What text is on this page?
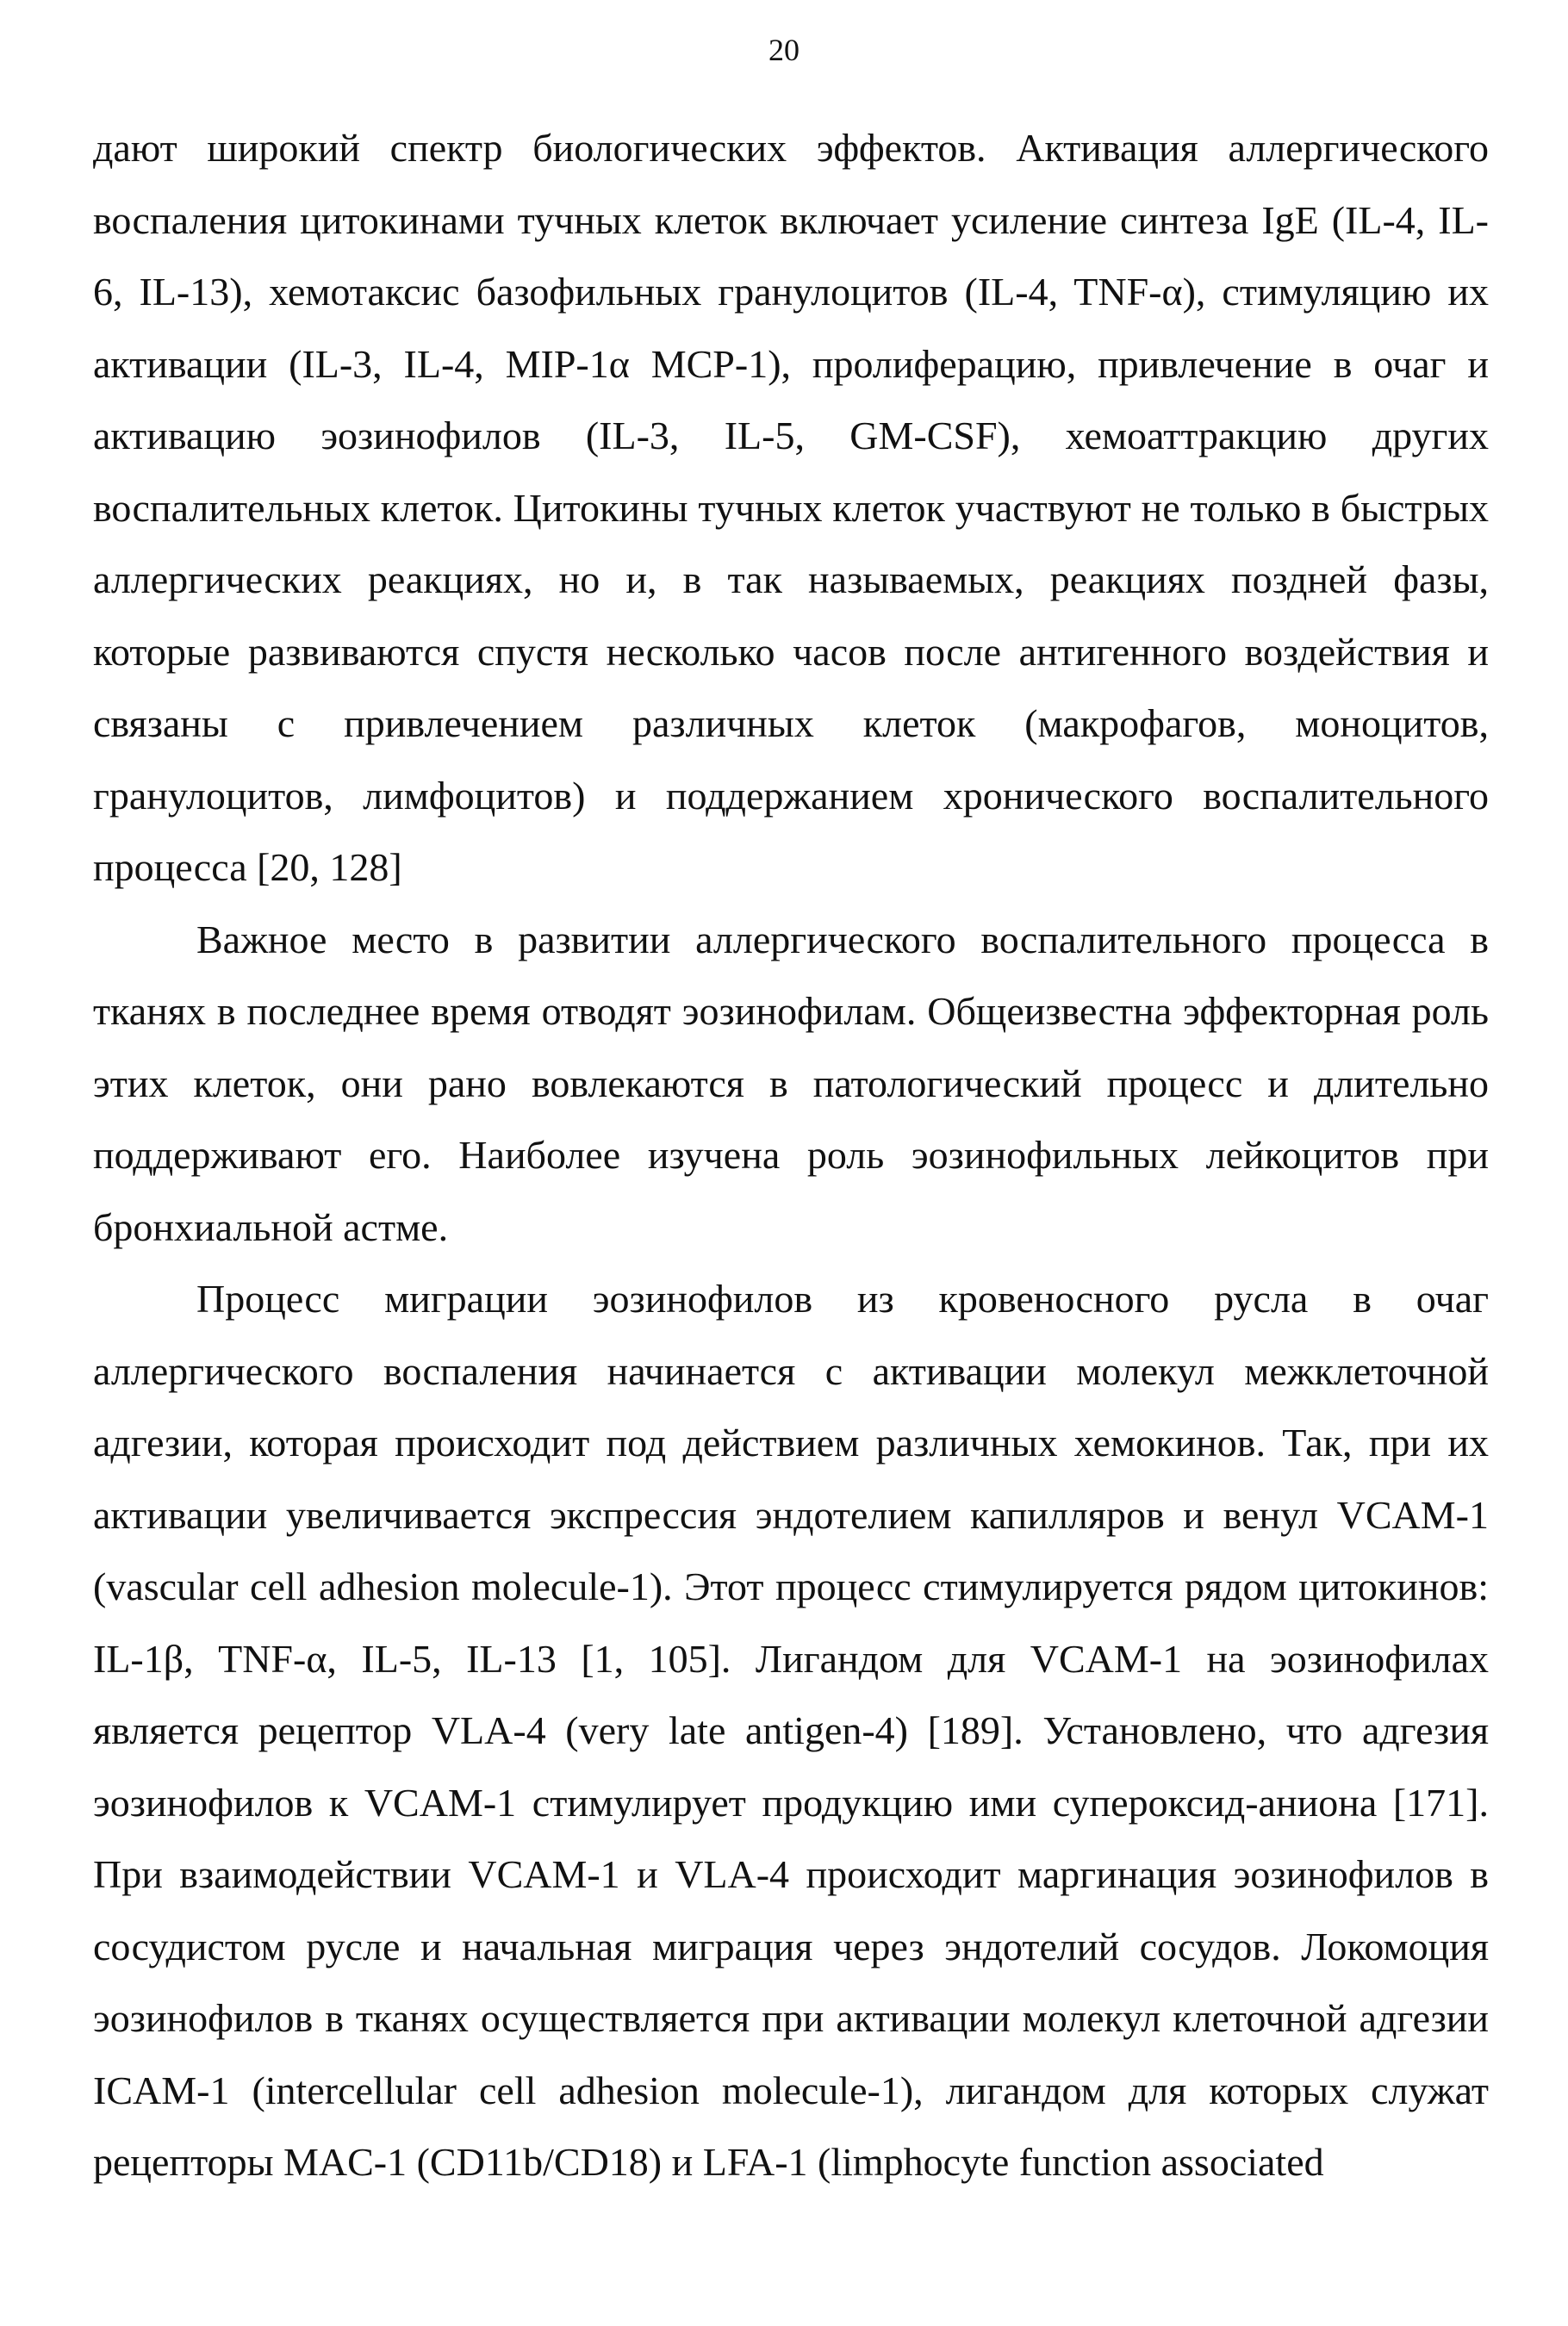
20

дают широкий спектр биологических эффектов. Активация аллергического воспаления цитокинами тучных клеток включает усиление синтеза IgE (IL-4, IL-6, IL-13), хемотаксис базофильных гранулоцитов (IL-4, TNF-α), стимуляцию их активации (IL-3, IL-4, MIP-1α MCP-1), пролиферацию, привлечение в очаг и активацию эозинофилов (IL-3, IL-5, GM-CSF), хемоаттракцию других воспалительных клеток. Цитокины тучных клеток участвуют не только в быстрых аллергических реакциях, но и, в так называемых, реакциях поздней фазы, которые развиваются спустя несколько часов после антигенного воздействия и связаны с привлечением различных клеток (макрофагов, моноцитов, гранулоцитов, лимфоцитов) и поддержанием хронического воспалительного процесса [20, 128]

Важное место в развитии аллергического воспалительного процесса в тканях в последнее время отводят эозинофилам. Общеизвестна эффекторная роль этих клеток, они рано вовлекаются в патологический процесс и длительно поддерживают его. Наиболее изучена роль эозинофильных лейкоцитов при бронхиальной астме.

Процесс миграции эозинофилов из кровеносного русла в очаг аллергического воспаления начинается с активации молекул межклеточной адгезии, которая происходит под действием различных хемокинов. Так, при их активации увеличивается экспрессия эндотелием капилляров и венул VCAM-1 (vascular cell adhesion molecule-1). Этот процесс стимулируется рядом цитокинов: IL-1β, TNF-α, IL-5, IL-13 [1, 105]. Лигандом для VCAM-1 на эозинофилах является рецептор VLA-4 (very late antigen-4) [189]. Установлено, что адгезия эозинофилов к VCAM-1 стимулирует продукцию ими супероксид-аниона [171]. При взаимодействии VCAM-1 и VLA-4 происходит маргинация эозинофилов в сосудистом русле и начальная миграция через эндотелий сосудов. Локомоция эозинофилов в тканях осуществляется при активации молекул клеточной адгезии ICAM-1 (intercellular cell adhesion molecule-1), лигандом для которых служат рецепторы MAC-1 (CD11b/CD18) и LFA-1 (limphocyte function associated
